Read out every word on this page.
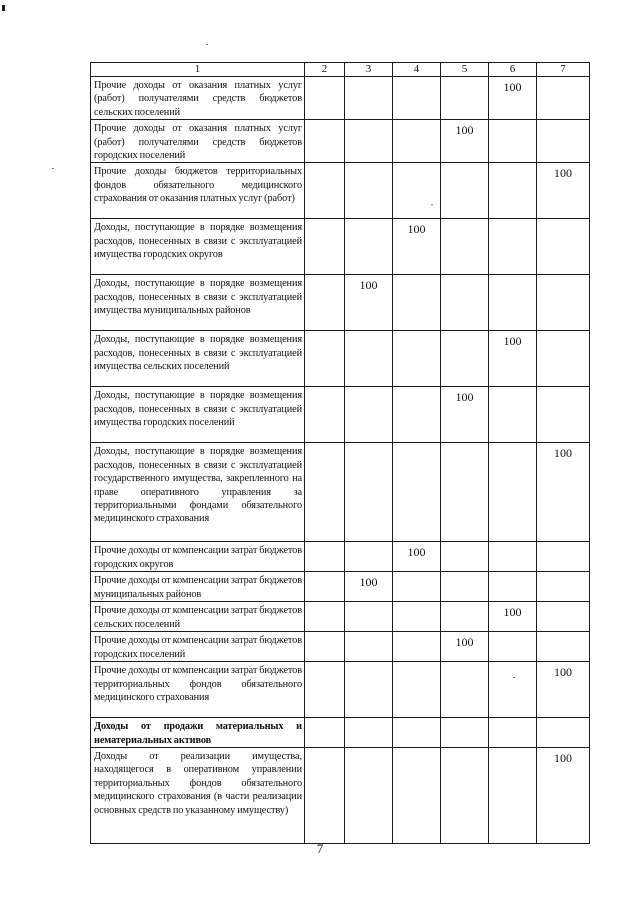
1	2	3	4	5	6	7
Прочие доходы от оказания платных услуг (работ) получателями средств бюджетов сельских поселений					100	
Прочие доходы от оказания платных услуг (работ) получателями средств бюджетов городских поселений				100		
Прочие доходы бюджетов территориальных фондов обязательного медицинского страхования от оказания платных услуг (работ)						100
Доходы, поступающие в порядке возмещения расходов, понесенных в связи с эксплуатацией имущества городских округов			100			
Доходы, поступающие в порядке возмещения расходов, понесенных в связи с эксплуатацией имущества муниципальных районов		100				
Доходы, поступающие в порядке возмещения расходов, понесенных в связи с эксплуатацией имущества сельских поселений					100	
Доходы, поступающие в порядке возмещения расходов, понесенных в связи с эксплуатацией имущества городских поселений				100		
Доходы, поступающие в порядке возмещения расходов, понесенных в связи с эксплуатацией государственного имущества, закрепленного на праве оперативного управления за территориальными фондами обязательного медицинского страхования						100
Прочие доходы от компенсации затрат бюджетов городских округов			100			
Прочие доходы от компенсации затрат бюджетов муниципальных районов		100				
Прочие доходы от компенсации затрат бюджетов сельских поселений					100	
Прочие доходы от компенсации затрат бюджетов городских поселений				100		
Прочие доходы от компенсации затрат бюджетов территориальных фондов обязательного медицинского страхования						100
Доходы от продажи материальных и нематериальных активов						
Доходы от реализации имущества, находящегося в оперативном управлении территориальных фондов обязательного медицинского страхования (в части реализации основных средств по указанному имуществу)						100
7
